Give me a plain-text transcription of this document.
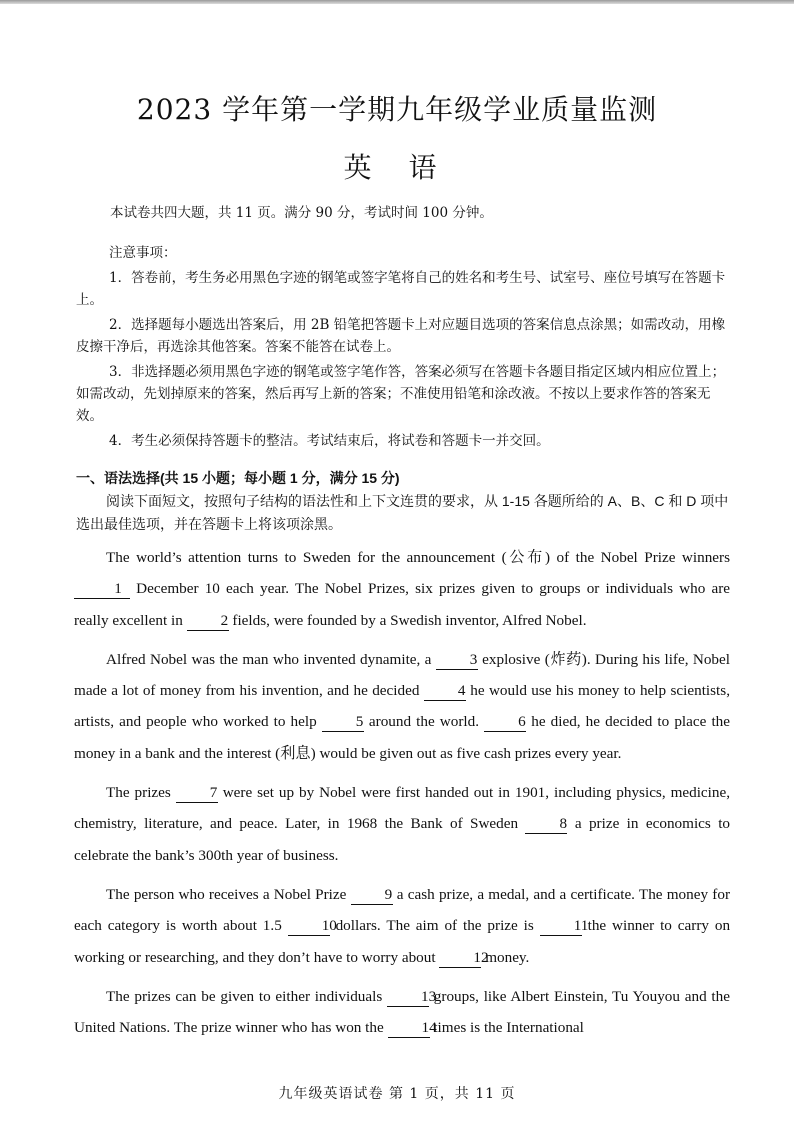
2023 学年第一学期九年级学业质量监测
英 语
本试卷共四大题，共 11 页。满分 90 分，考试时间 100 分钟。

注意事项：

1．答卷前，考生务必用黑色字迹的钢笔或签字笔将自己的姓名和考生号、试室号、座位号填写在答题卡上。

2．选择题每小题选出答案后，用 2B 铅笔把答题卡上对应题目选项的答案信息点涂黑；如需改动，用橡皮擦干净后，再选涂其他答案。答案不能答在试卷上。

3．非选择题必须用黑色字迹的钢笔或签字笔作答，答案必须写在答题卡各题目指定区域内相应位置上；如需改动，先划掉原来的答案，然后再写上新的答案；不准使用铅笔和涂改液。不按以上要求作答的答案无效。

4．考生必须保持答题卡的整洁。考试结束后，将试卷和答题卡一并交回。

一、语法选择(共 15 小题；每小题 1 分，满分 15 分)
阅读下面短文，按照句子结构的语法性和上下文连贯的要求，从 1-15 各题所给的 A、B、C 和 D 项中选出最佳选项，并在答题卡上将该项涂黑。

The world’s attention turns to Sweden for the announcement (公布) of the Nobel Prize winners 1 December 10 each year. The Nobel Prizes, six prizes given to groups or individuals who are really excellent in 2 fields, were founded by a Swedish inventor, Alfred Nobel.

Alfred Nobel was the man who invented dynamite, a	3 explosive (炸药). During his life, Nobel made a lot of money from his invention, and he decided	4 he would use his money to help scientists, artists, and people who worked to help	5 around the world.	6 he died, he decided to place the money in a bank and the interest (利息) would be given out as five cash prizes every year.

The prizes	7 were set up by Nobel were first handed out in 1901, including physics, medicine, chemistry, literature, and peace. Later, in 1968 the Bank of Sweden	8 a prize in economics to celebrate the bank’s 300th year of business.

The person who receives a Nobel Prize	9 a cash prize, a medal, and a certificate. The money for each category is worth about 1.5	10 dollars. The aim of the prize is	11 the winner to carry on working or researching, and they don’t have to worry about 12 money.

The prizes can be given to either individuals	13 groups, like Albert Einstein, Tu Youyou and the United Nations. The prize winner who has won the 14 times is the International

九年级英语试卷 第 1 页，共 11 页
